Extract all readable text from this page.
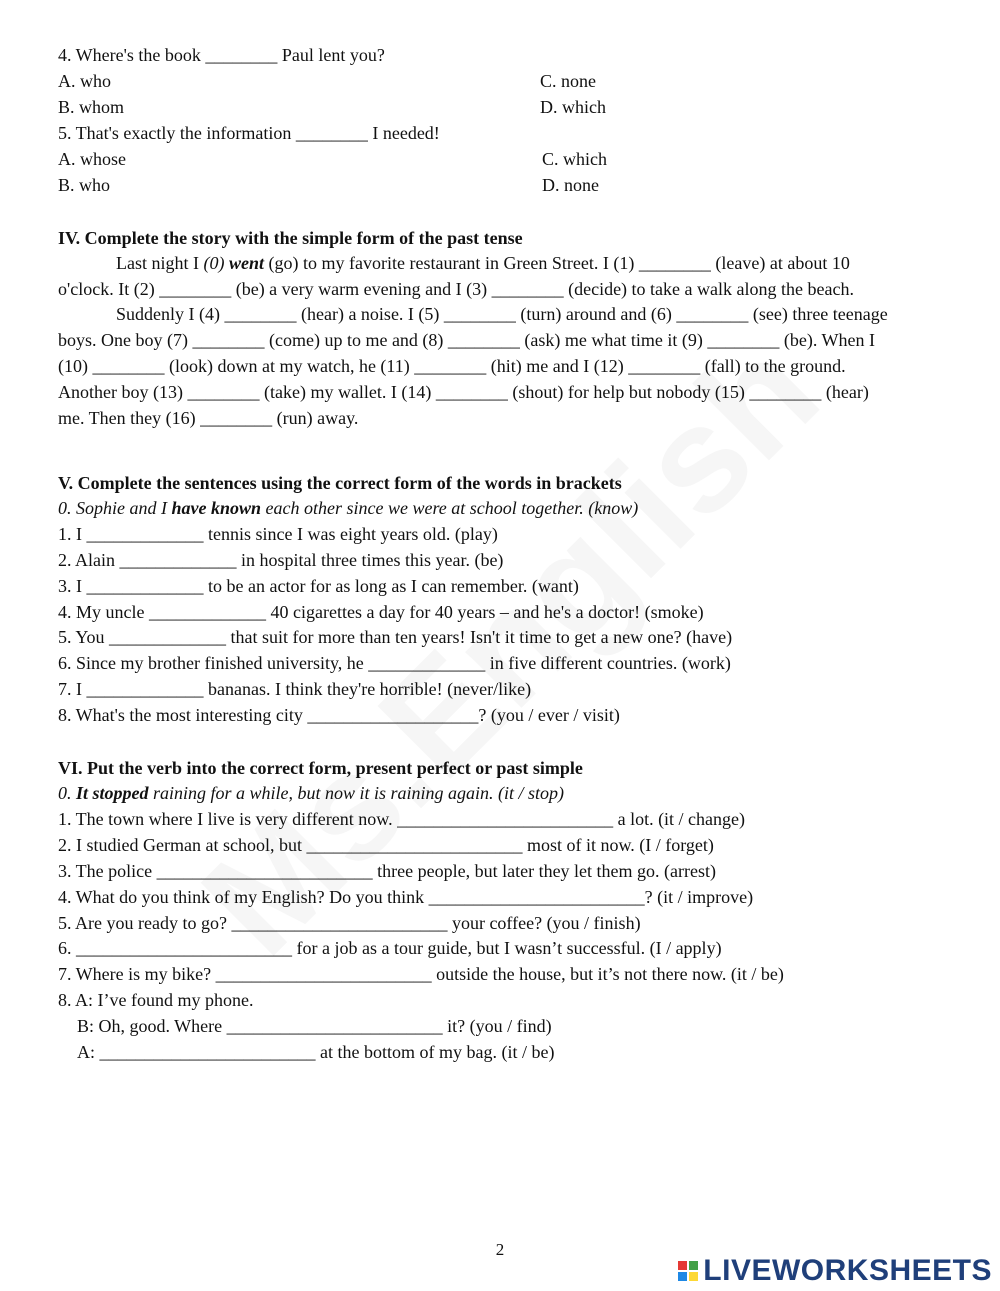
4. Where's the book ________ Paul lent you?
A. who	C. none
B. whom	D. which
5. That's exactly the information ________ I needed!
A. whose	C. which
B. who	D. none
IV. Complete the story with the simple form of the past tense
Last night I (0) went (go) to my favorite restaurant in Green Street. I (1) ________ (leave) at about 10
o'clock. It (2) ________ (be) a very warm evening and I (3) ________ (decide) to take a walk along the beach.
Suddenly I (4) ________ (hear) a noise. I (5) ________ (turn) around and (6) ________ (see) three teenage
boys. One boy (7) ________ (come) up to me and (8) ________ (ask) me what time it (9) ________ (be). When I
(10) ________ (look) down at my watch, he (11) ________ (hit) me and I (12) ________ (fall) to the ground.
Another boy (13) ________ (take) my wallet. I (14) ________ (shout) for help but nobody (15) ________ (hear)
me. Then they (16) ________ (run) away.
V. Complete the sentences using the correct form of the words in brackets
0. Sophie and I have known each other since we were at school together. (know)
1. I _____________ tennis since I was eight years old. (play)
2. Alain _____________ in hospital three times this year. (be)
3. I _____________ to be an actor for as long as I can remember. (want)
4. My uncle _____________ 40 cigarettes a day for 40 years – and he's a doctor! (smoke)
5. You _____________ that suit for more than ten years! Isn't it time to get a new one? (have)
6. Since my brother finished university, he _____________ in five different countries. (work)
7. I _____________ bananas. I think they're horrible! (never/like)
8. What's the most interesting city ___________________? (you / ever / visit)
VI. Put the verb into the correct form, present perfect or past simple
0. It stopped raining for a while, but now it is raining again. (it / stop)
1. The town where I live is very different now. ________________________ a lot. (it / change)
2. I studied German at school, but ________________________ most of it now. (I / forget)
3. The police ________________________ three people, but later they let them go. (arrest)
4. What do you think of my English? Do you think ________________________? (it / improve)
5. Are you ready to go? ________________________ your coffee? (you / finish)
6. ________________________ for a job as a tour guide, but I wasn’t successful. (I / apply)
7. Where is my bike? ________________________ outside the house, but it’s not there now. (it / be)
8. A: I’ve found my phone.
B: Oh, good. Where ________________________ it? (you / find)
A: ________________________ at the bottom of my bag. (it / be)
2
LIVEWORKSHEETS
